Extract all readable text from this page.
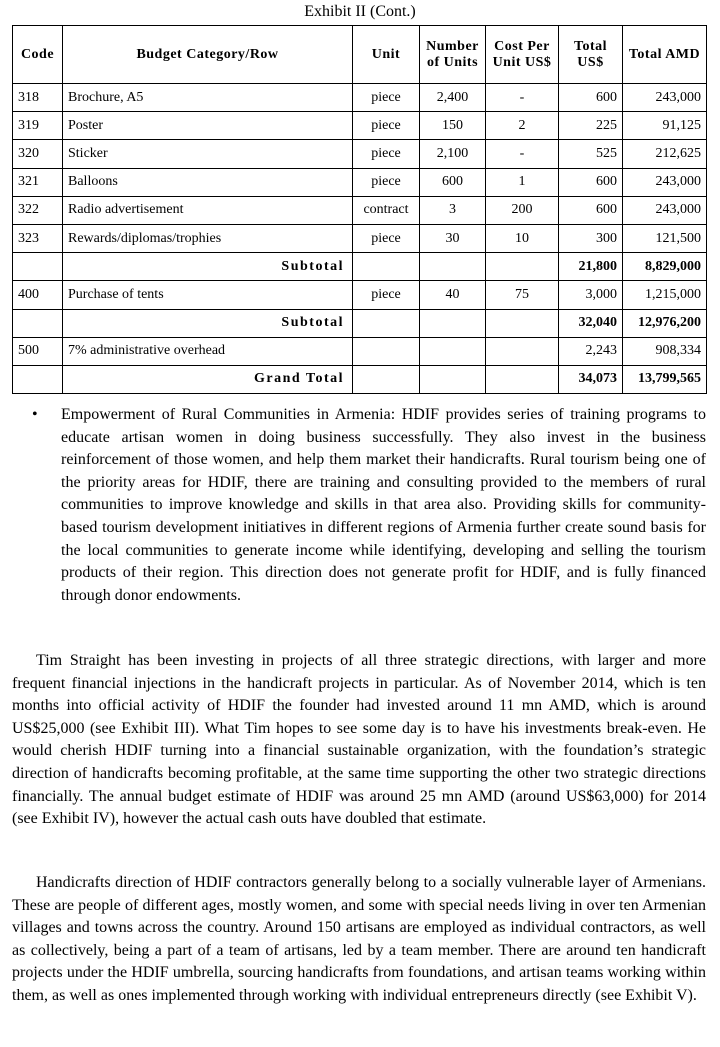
Exhibit II (Cont.)
Code	Budget Category/Row	Unit	Number of Units	Cost Per Unit US$	Total US$	Total AMD
318	Brochure, A5	piece	2,400	-	600	243,000
319	Poster	piece	150	2	225	91,125
320	Sticker	piece	2,100	-	525	212,625
321	Balloons	piece	600	1	600	243,000
322	Radio advertisement	contract	3	200	600	243,000
323	Rewards/diplomas/trophies	piece	30	10	300	121,500
	Subtotal				21,800	8,829,000
400	Purchase of tents	piece	40	75	3,000	1,215,000
	Subtotal				32,040	12,976,200
500	7% administrative overhead				2,243	908,334
	Grand Total				34,073	13,799,565
•	Empowerment of Rural Communities in Armenia: HDIF provides series of training programs to educate artisan women in doing business successfully. They also invest in the business reinforcement of those women, and help them market their handicrafts. Rural tourism being one of the priority areas for HDIF, there are training and consulting provided to the members of rural communities to improve knowledge and skills in that area also. Providing skills for community-based tourism development initiatives in different regions of Armenia further create sound basis for the local communities to generate income while identifying, developing and selling the tourism products of their region. This direction does not generate profit for HDIF, and is fully financed through donor endowments.

Tim Straight has been investing in projects of all three strategic directions, with larger and more frequent financial injections in the handicraft projects in particular. As of November 2014, which is ten months into official activity of HDIF the founder had invested around 11 mn AMD, which is around US$25,000 (see Exhibit III). What Tim hopes to see some day is to have his investments break-even. He would cherish HDIF turning into a financial sustainable organization, with the foundation’s strategic direction of handicrafts becoming profitable, at the same time supporting the other two strategic directions financially. The annual budget estimate of HDIF was around 25 mn AMD (around US$63,000) for 2014 (see Exhibit IV), however the actual cash outs have doubled that estimate.

Handicrafts direction of HDIF contractors generally belong to a socially vulnerable layer of Armenians. These are people of different ages, mostly women, and some with special needs living in over ten Armenian villages and towns across the country. Around 150 artisans are employed as individual contractors, as well as collectively, being a part of a team of artisans, led by a team member. There are around ten handicraft projects under the HDIF umbrella, sourcing handicrafts from foundations, and artisan teams working within them, as well as ones implemented through working with individual entrepreneurs directly (see Exhibit V).
